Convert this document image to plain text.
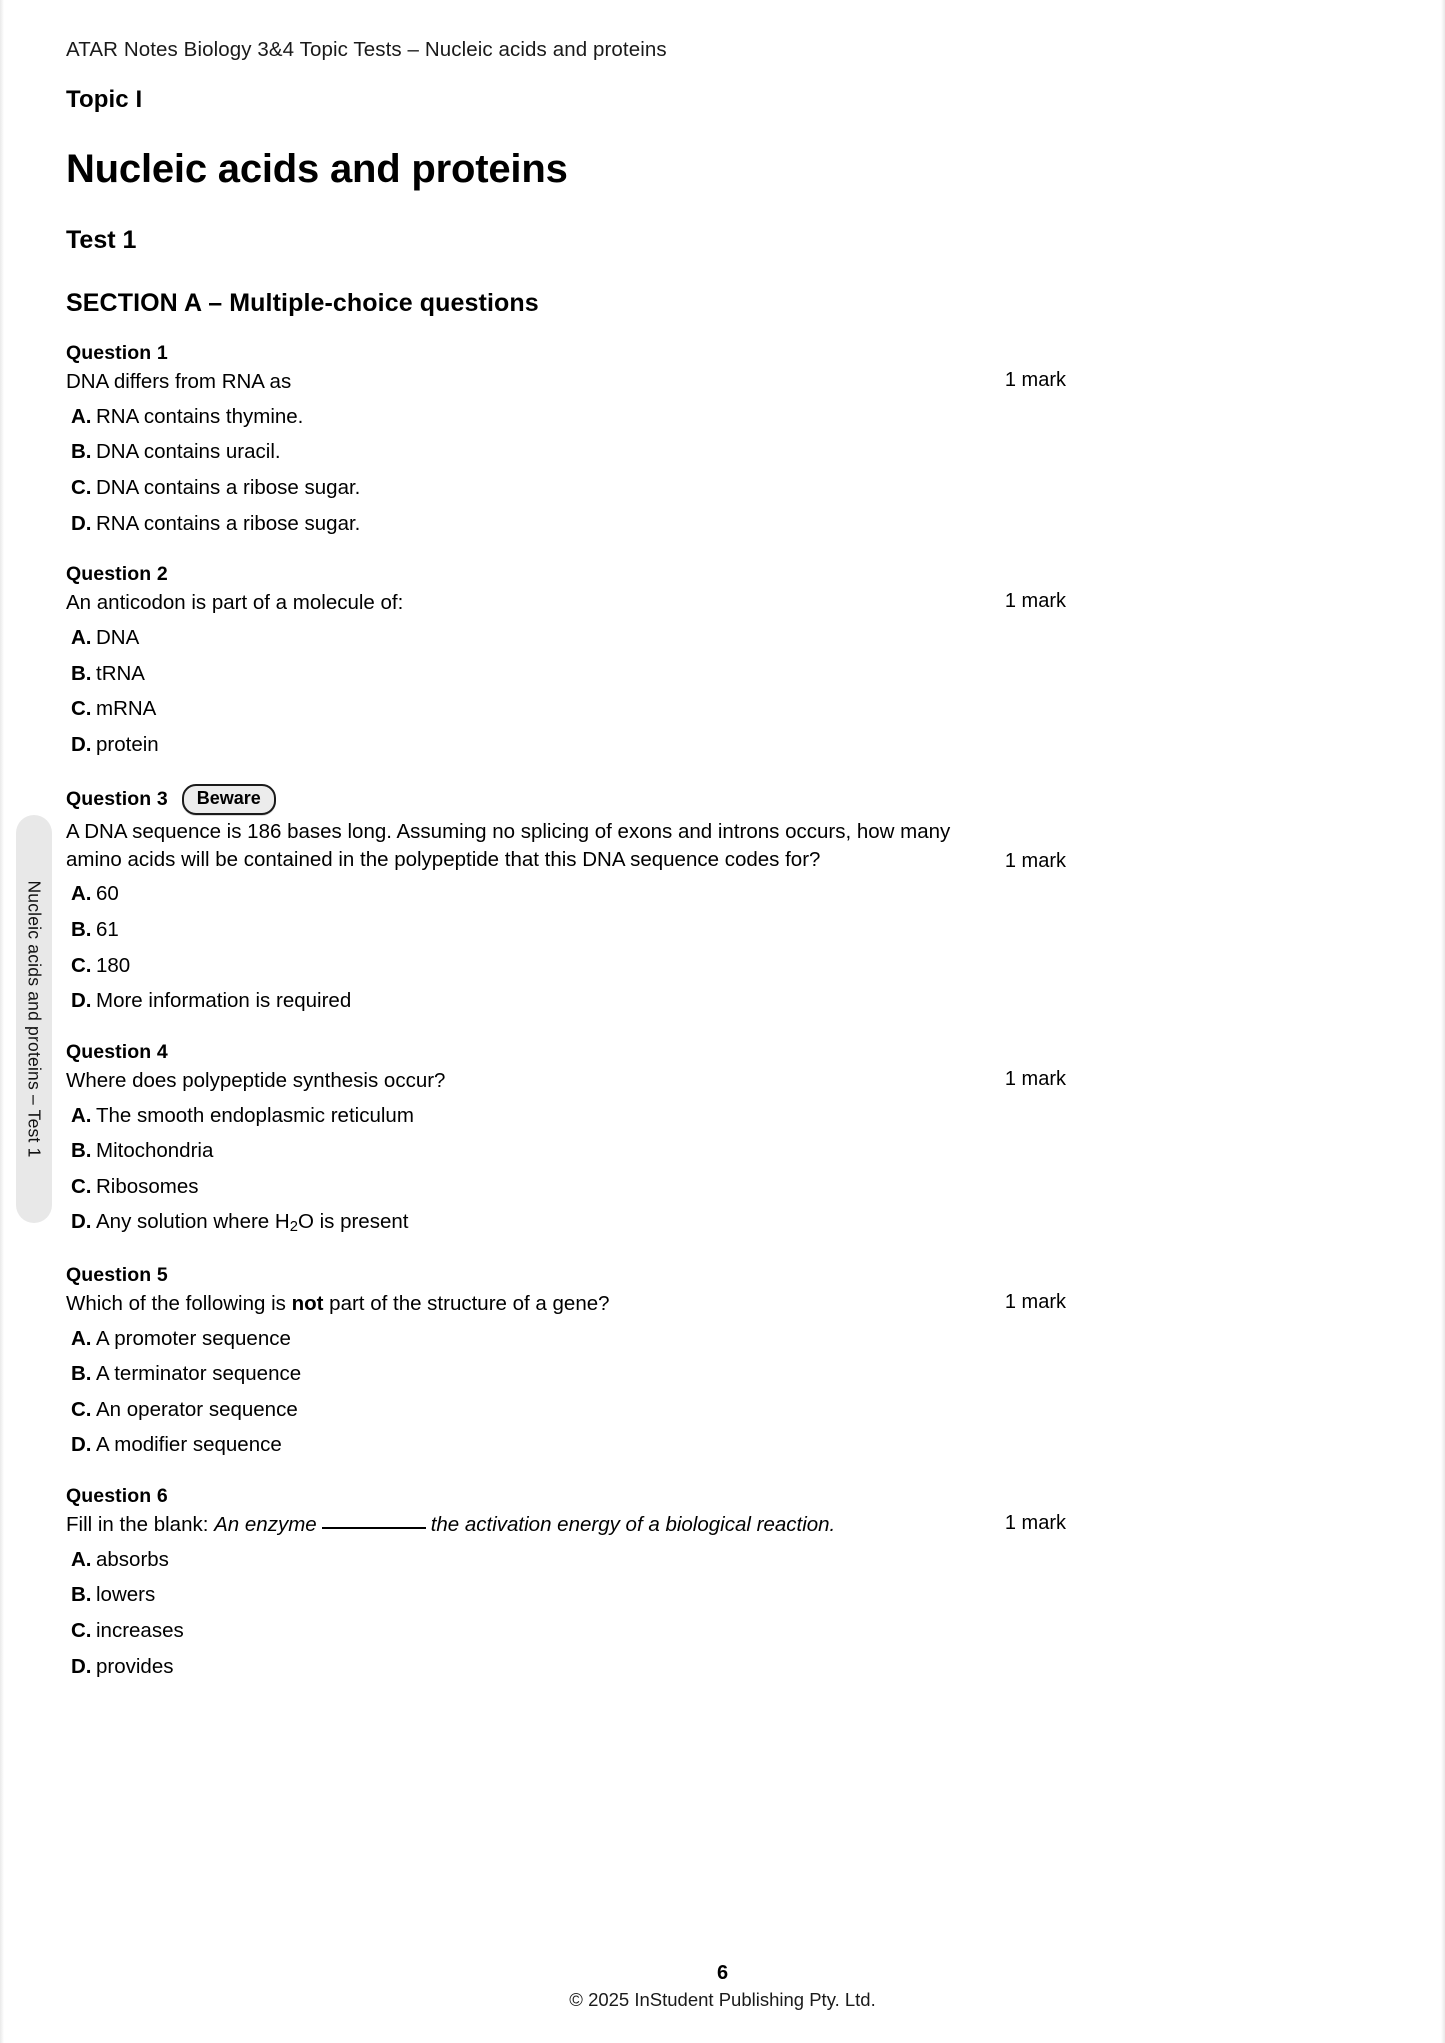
ATAR Notes Biology 3&4 Topic Tests – Nucleic acids and proteins
Nucleic acids and proteins – Test 1
Topic I
Nucleic acids and proteins
Test 1
SECTION A – Multiple-choice questions
Question 1
DNA differs from RNA as	1 mark
A. RNA contains thymine.
B. DNA contains uracil.
C. DNA contains a ribose sugar.
D. RNA contains a ribose sugar.
Question 2
An anticodon is part of a molecule of:	1 mark
A. DNA
B. tRNA
C. mRNA
D. protein
Question 3	Beware
A DNA sequence is 186 bases long. Assuming no splicing of exons and introns occurs, how many amino acids will be contained in the polypeptide that this DNA sequence codes for?	1 mark
A. 60
B. 61
C. 180
D. More information is required
Question 4
Where does polypeptide synthesis occur?	1 mark
A. The smooth endoplasmic reticulum
B. Mitochondria
C. Ribosomes
D. Any solution where $H_2O$ is present
Question 5
Which of the following is not part of the structure of a gene?	1 mark
A. A promoter sequence
B. A terminator sequence
C. An operator sequence
D. A modifier sequence
Question 6
Fill in the blank: An enzyme	the activation energy of a biological reaction.	1 mark
A. absorbs
B. lowers
C. increases
D. provides
6
© 2025 InStudent Publishing Pty. Ltd.
